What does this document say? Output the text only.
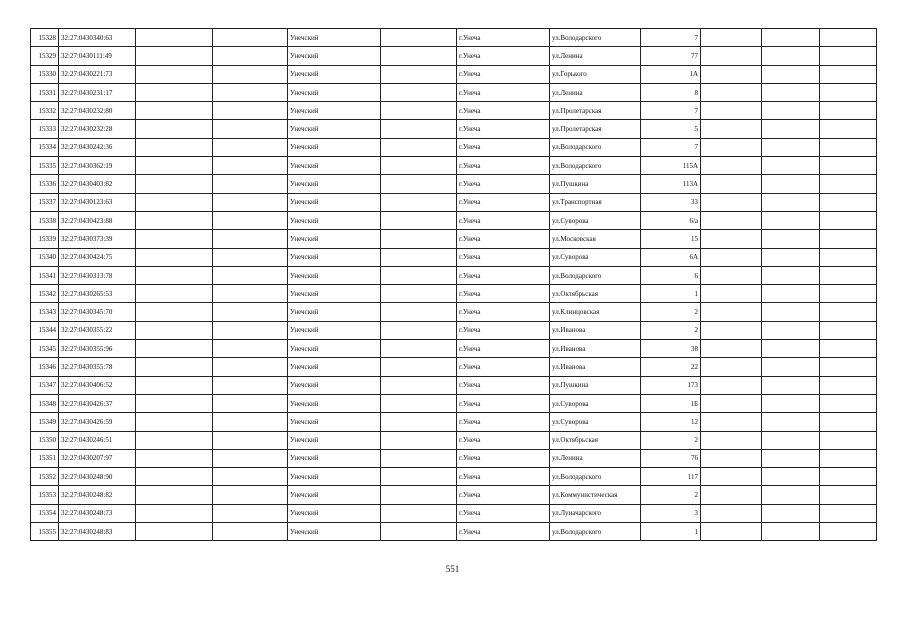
15328	32:27:0430340:63			Унечский		г.Унеча	ул.Володарского	7			
15329	32:27:0430111:49			Унечский		г.Унеча	ул.Ленина	77			
15330	32:27:0430221:73			Унечский		г.Унеча	ул.Горького	1А			
15331	32:27:0430231:17			Унечский		г.Унеча	ул.Ленина	8			
15332	32:27:0430232:80			Унечский		г.Унеча	ул.Пролетарская	7			
15333	32:27:0430232:28			Унечский		г.Унеча	ул.Пролетарская	5			
15334	32:27:0430242:36			Унечский		г.Унеча	ул.Володарского	7			
15335	32:27:0430362:19			Унечский		г.Унеча	ул.Володарского	115А			
15336	32:27:0430403:82			Унечский		г.Унеча	ул.Пушкина	113А			
15337	32:27:0430123:63			Унечский		г.Унеча	ул.Транспортная	33			
15338	32:27:0430423:88			Унечский		г.Унеча	ул.Суворова	6/а			
15339	32:27:0430373:39			Унечский		г.Унеча	ул.Московская	15			
15340	32:27:0430424:75			Унечский		г.Унеча	ул.Суворова	6А			
15341	32:27:0430313:78			Унечский		г.Унеча	ул.Володарского	6			
15342	32:27:0430265:53			Унечский		г.Унеча	ул.Октябрьская	1			
15343	32:27:0430345:70			Унечский		г.Унеча	ул.Клинцовская	2			
15344	32:27:0430355:22			Унечский		г.Унеча	ул.Иванова	2			
15345	32:27:0430355:96			Унечский		г.Унеча	ул.Иванова	38			
15346	32:27:0430355:78			Унечский		г.Унеча	ул.Иванова	22			
15347	32:27:0430406:52			Унечский		г.Унеча	ул.Пушкина	173			
15348	32:27:0430426:37			Унечский		г.Унеча	ул.Суворова	1Б			
15349	32:27:0430426:59			Унечский		г.Унеча	ул.Суворова	12			
15350	32:27:0430246:51			Унечский		г.Унеча	ул.Октябрьская	2			
15351	32:27:0430207:97			Унечский		г.Унеча	ул.Ленина	76			
15352	32:27:0430248:90			Унечский		г.Унеча	ул.Володарского	117			
15353	32:27:0430248:82			Унечский		г.Унеча	ул.Коммунистическая	2			
15354	32:27:0430248:73			Унечский		г.Унеча	ул.Луначарского	3			
15355	32:27:0430248:83			Унечский		г.Унеча	ул.Володарского	1			
551
